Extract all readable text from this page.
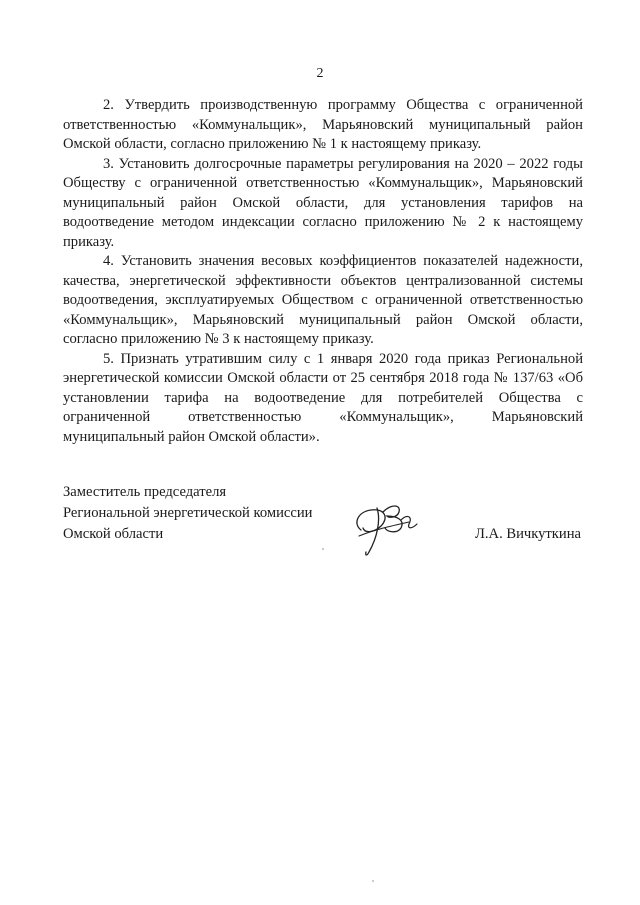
2

2. Утвердить производственную программу Общества с ограниченной ответственностью «Коммунальщик», Марьяновский муниципальный район Омской области, согласно приложению № 1 к настоящему приказу.

3. Установить долгосрочные параметры регулирования на 2020 – 2022 годы Обществу с ограниченной ответственностью «Коммунальщик», Марьяновский муниципальный район Омской области, для установления тарифов на водоотведение методом индексации согласно приложению № 2 к настоящему приказу.

4. Установить значения весовых коэффициентов показателей надежности, качества, энергетической эффективности объектов централизованной системы водоотведения, эксплуатируемых Обществом с ограниченной ответственностью «Коммунальщик», Марьяновский муниципальный район Омской области, согласно приложению № 3 к настоящему приказу.

5. Признать утратившим силу с 1 января 2020 года приказ Региональной энергетической комиссии Омской области от 25 сентября 2018 года № 137/63 «Об установлении тарифа на водоотведение для потребителей Общества с ограниченной ответственностью «Коммунальщик», Марьяновский муниципальный район Омской области».

Заместитель председателя
Региональной энергетической комиссии
Омской области	Л.А. Вичкуткина
